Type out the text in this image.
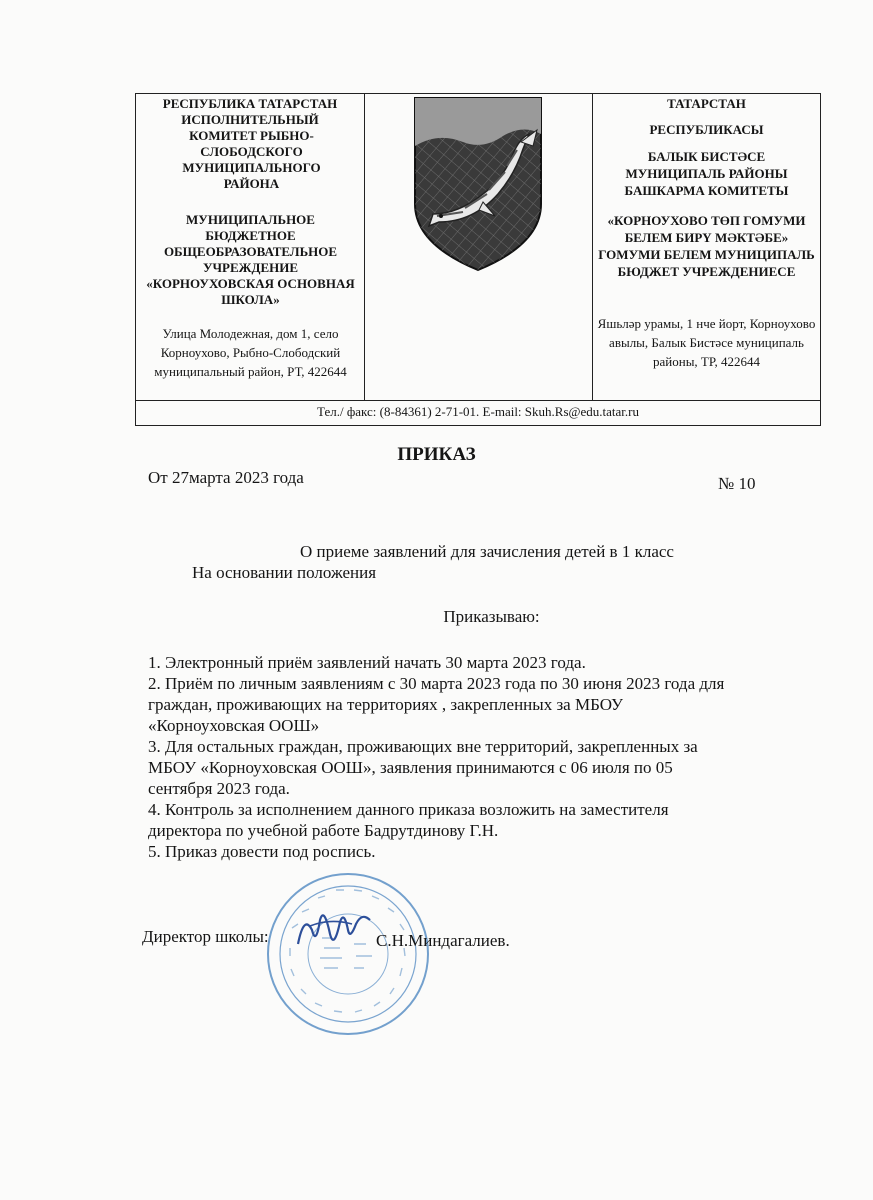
РЕСПУБЛИКА ТАТАРСТАН
ИСПОЛНИТЕЛЬНЫЙ
КОМИТЕТ РЫБНО-СЛОБОДСКОГО МУНИЦИПАЛЬНОГО РАЙОНА
МУНИЦИПАЛЬНОЕ БЮДЖЕТНОЕ ОБЩЕОБРАЗОВАТЕЛЬНОЕ УЧРЕЖДЕНИЕ «КОРНОУХОВСКАЯ ОСНОВНАЯ ШКОЛА»
Улица Молодежная, дом 1, село Корноухово, Рыбно-Слободский муниципальный район, РТ, 422644
ТАТАРСТАН
РЕСПУБЛИКАСЫ
БАЛЫК БИСТӘСЕ МУНИЦИПАЛЬ РАЙОНЫ БАШКАРМА КОМИТЕТЫ
«КОРНОУХОВО ТӨП ГОМУМИ БЕЛЕМ БИРҮ МӘКТӘБЕ» ГОМУМИ БЕЛЕМ МУНИЦИПАЛЬ БЮДЖЕТ УЧРЕЖДЕНИЕСЕ
Яшьләр урамы, 1 нче йорт, Корноухово авылы, Балык Бистәсе муниципаль районы, ТР, 422644
Тел./ факс: (8-84361) 2-71-01. E-mail: Skuh.Rs@edu.tatar.ru
ПРИКАЗ
От 27марта 2023 года	№ 10
О приеме заявлений для зачисления детей в 1 класс
На основании положения
Приказываю:
1. Электронный приём заявлений начать 30 марта 2023 года.
2. Приём по личным заявлениям с 30 марта 2023 года по 30 июня 2023 года для
граждан, проживающих на территориях , закрепленных за МБОУ
«Корноуховская ООШ»
3. Для остальных граждан, проживающих вне территорий, закрепленных за
МБОУ «Корноуховская ООШ», заявления принимаются с 06 июля по 05
сентября 2023 года.
4. Контроль за исполнением данного приказа возложить на заместителя
директора по учебной работе Бадрутдинову Г.Н.
5. Приказ довести под роспись.
Директор школы:	С.Н.Миндагалиев.
